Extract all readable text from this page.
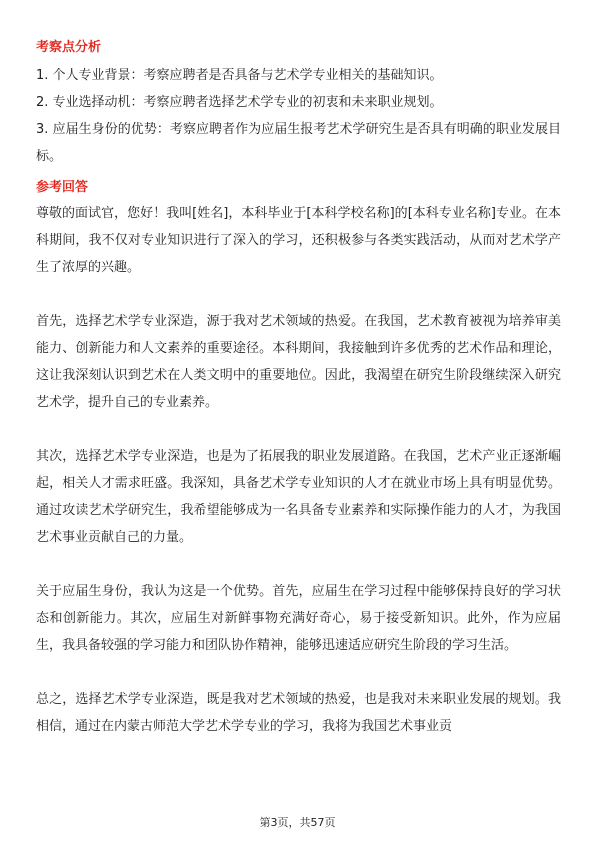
考察点分析
1. 个人专业背景：考察应聘者是否具备与艺术学专业相关的基础知识。
2. 专业选择动机：考察应聘者选择艺术学专业的初衷和未来职业规划。
3. 应届生身份的优势：考察应聘者作为应届生报考艺术学研究生是否具有明确的职业发展目标。
参考回答

尊敬的面试官，您好！我叫[姓名]，本科毕业于[本科学校名称]的[本科专业名称]专业。在本科期间，我不仅对专业知识进行了深入的学习，还积极参与各类实践活动，从而对艺术学产生了浓厚的兴趣。

首先，选择艺术学专业深造，源于我对艺术领域的热爱。在我国，艺术教育被视为培养审美能力、创新能力和人文素养的重要途径。本科期间，我接触到许多优秀的艺术作品和理论，这让我深刻认识到艺术在人类文明中的重要地位。因此，我渴望在研究生阶段继续深入研究艺术学，提升自己的专业素养。

其次，选择艺术学专业深造，也是为了拓展我的职业发展道路。在我国，艺术产业正逐渐崛起，相关人才需求旺盛。我深知，具备艺术学专业知识的人才在就业市场上具有明显优势。通过攻读艺术学研究生，我希望能够成为一名具备专业素养和实际操作能力的人才，为我国艺术事业贡献自己的力量。

关于应届生身份，我认为这是一个优势。首先，应届生在学习过程中能够保持良好的学习状态和创新能力。其次，应届生对新鲜事物充满好奇心，易于接受新知识。此外，作为应届生，我具备较强的学习能力和团队协作精神，能够迅速适应研究生阶段的学习生活。

总之，选择艺术学专业深造，既是我对艺术领域的热爱，也是我对未来职业发展的规划。我相信，通过在内蒙古师范大学艺术学专业的学习，我将为我国艺术事业贡

第3页，共57页
